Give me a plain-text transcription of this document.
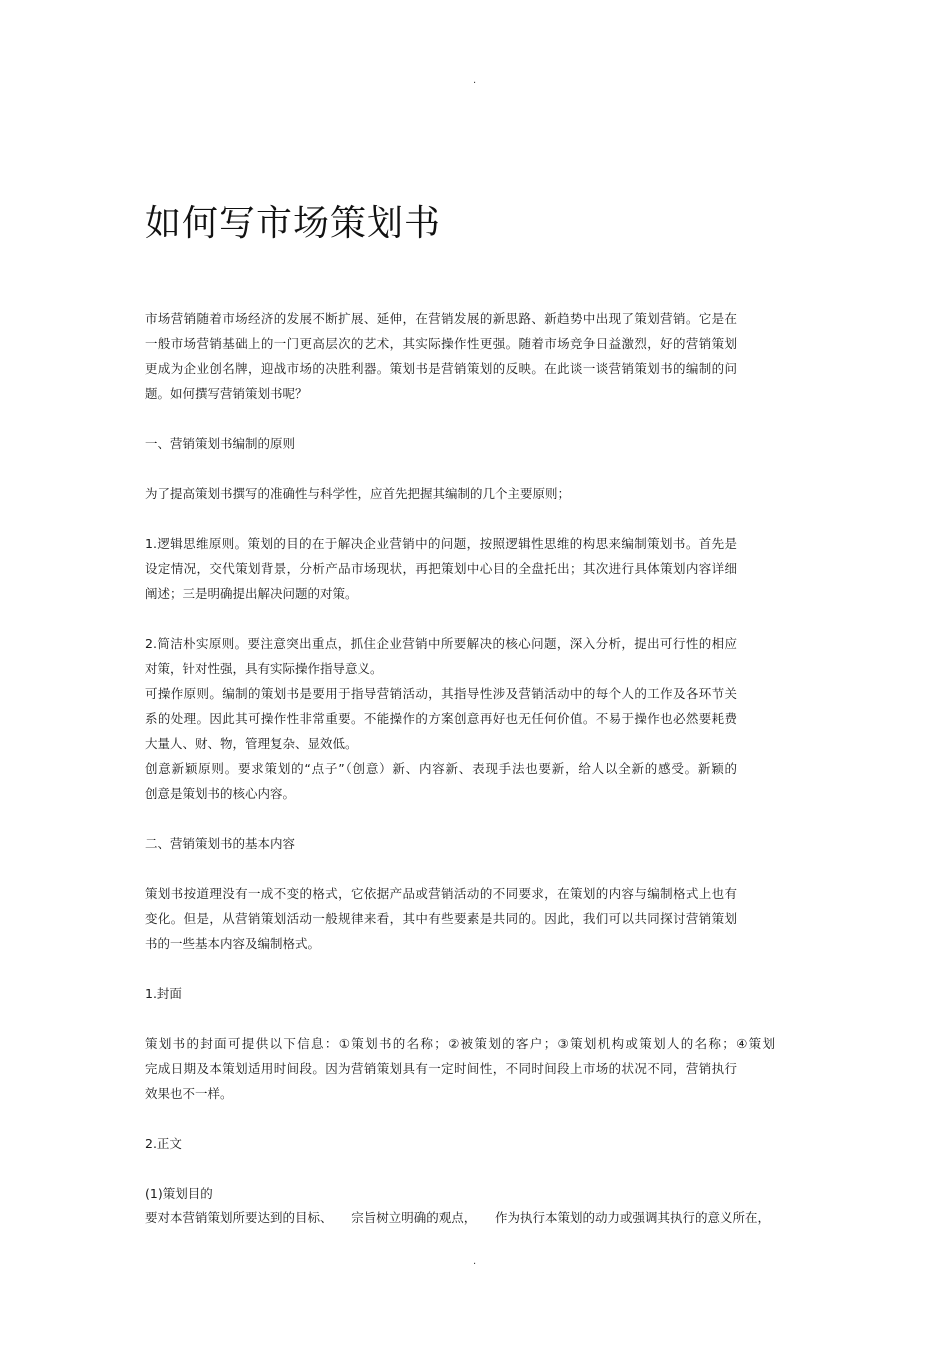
.
如何写市场策划书
市场营销随着市场经济的发展不断扩展、延伸，在营销发展的新思路、新趋势中出现了策划营销。它是在
一般市场营销基础上的一门更高层次的艺术，其实际操作性更强。随着市场竞争日益激烈，好的营销策划
更成为企业创名牌，迎战市场的决胜利器。策划书是营销策划的反映。在此谈一谈营销策划书的编制的问
题。如何撰写营销策划书呢？
一、营销策划书编制的原则
为了提高策划书撰写的准确性与科学性，应首先把握其编制的几个主要原则；
1.逻辑思维原则。策划的目的在于解决企业营销中的问题，按照逻辑性思维的构思来编制策划书。首先是
设定情况，交代策划背景，分析产品市场现状，再把策划中心目的全盘托出；其次进行具体策划内容详细
阐述；三是明确提出解决问题的对策。
2.简洁朴实原则。要注意突出重点，抓住企业营销中所要解决的核心问题，深入分析，提出可行性的相应
对策，针对性强，具有实际操作指导意义。
可操作原则。编制的策划书是要用于指导营销活动，其指导性涉及营销活动中的每个人的工作及各环节关
系的处理。因此其可操作性非常重要。不能操作的方案创意再好也无任何价值。不易于操作也必然要耗费
大量人、财、物，管理复杂、显效低。
创意新颖原则。要求策划的“点子”（创意）新、内容新、表现手法也要新，给人以全新的感受。新颖的
创意是策划书的核心内容。
二、营销策划书的基本内容
策划书按道理没有一成不变的格式，它依据产品或营销活动的不同要求，在策划的内容与编制格式上也有
变化。但是，从营销策划活动一般规律来看，其中有些要素是共同的。因此，我们可以共同探讨营销策划
书的一些基本内容及编制格式。
1.封面
策划书的封面可提供以下信息：①策划书的名称；②被策划的客户；③策划机构或策划人的名称；④策划
完成日期及本策划适用时间段。因为营销策划具有一定时间性，不同时间段上市场的状况不同，营销执行
效果也不一样。
2.正文
(1)策划目的
要对本营销策划所要达到的目标、　　宗旨树立明确的观点，　　作为执行本策划的动力或强调其执行的意义所在，
.
